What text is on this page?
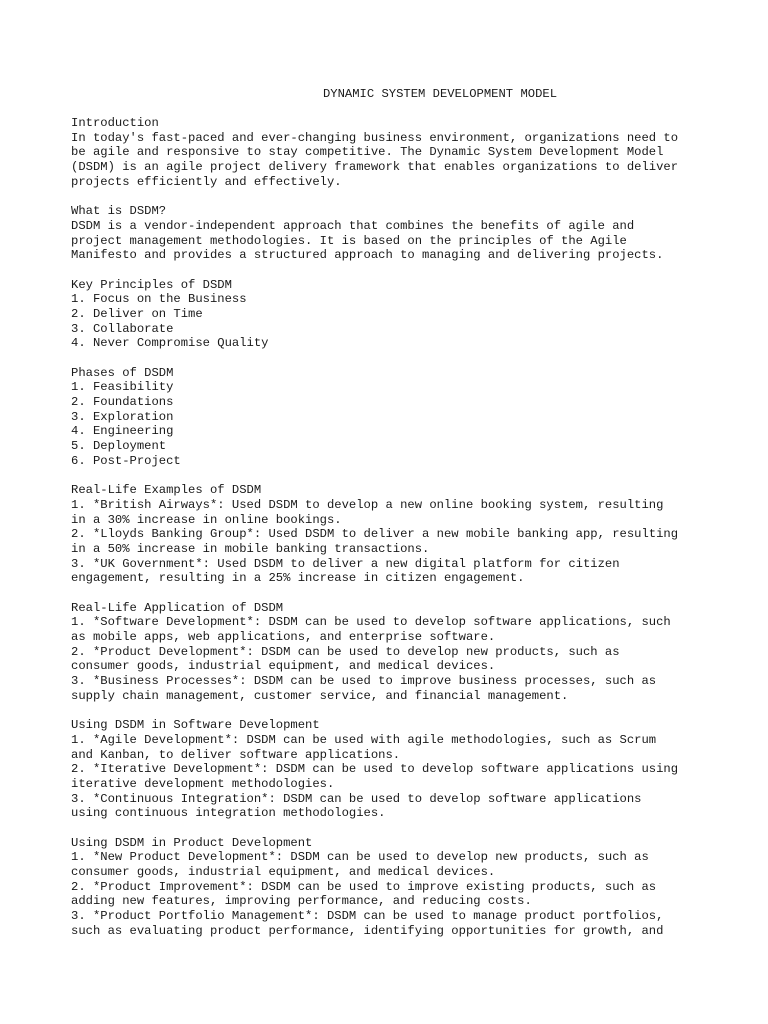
DYNAMIC SYSTEM DEVELOPMENT MODEL
Introduction
In today's fast-paced and ever-changing business environment, organizations need to
be agile and responsive to stay competitive. The Dynamic System Development Model
(DSDM) is an agile project delivery framework that enables organizations to deliver
projects efficiently and effectively.
What is DSDM?
DSDM is a vendor-independent approach that combines the benefits of agile and
project management methodologies. It is based on the principles of the Agile
Manifesto and provides a structured approach to managing and delivering projects.
Key Principles of DSDM
1. Focus on the Business
2. Deliver on Time
3. Collaborate
4. Never Compromise Quality
Phases of DSDM
1. Feasibility
2. Foundations
3. Exploration
4. Engineering
5. Deployment
6. Post-Project
Real-Life Examples of DSDM
1. *British Airways*: Used DSDM to develop a new online booking system, resulting
in a 30% increase in online bookings.
2. *Lloyds Banking Group*: Used DSDM to deliver a new mobile banking app, resulting
in a 50% increase in mobile banking transactions.
3. *UK Government*: Used DSDM to deliver a new digital platform for citizen
engagement, resulting in a 25% increase in citizen engagement.
Real-Life Application of DSDM
1. *Software Development*: DSDM can be used to develop software applications, such
as mobile apps, web applications, and enterprise software.
2. *Product Development*: DSDM can be used to develop new products, such as
consumer goods, industrial equipment, and medical devices.
3. *Business Processes*: DSDM can be used to improve business processes, such as
supply chain management, customer service, and financial management.
Using DSDM in Software Development
1. *Agile Development*: DSDM can be used with agile methodologies, such as Scrum
and Kanban, to deliver software applications.
2. *Iterative Development*: DSDM can be used to develop software applications using
iterative development methodologies.
3. *Continuous Integration*: DSDM can be used to develop software applications
using continuous integration methodologies.
Using DSDM in Product Development
1. *New Product Development*: DSDM can be used to develop new products, such as
consumer goods, industrial equipment, and medical devices.
2. *Product Improvement*: DSDM can be used to improve existing products, such as
adding new features, improving performance, and reducing costs.
3. *Product Portfolio Management*: DSDM can be used to manage product portfolios,
such as evaluating product performance, identifying opportunities for growth, and
